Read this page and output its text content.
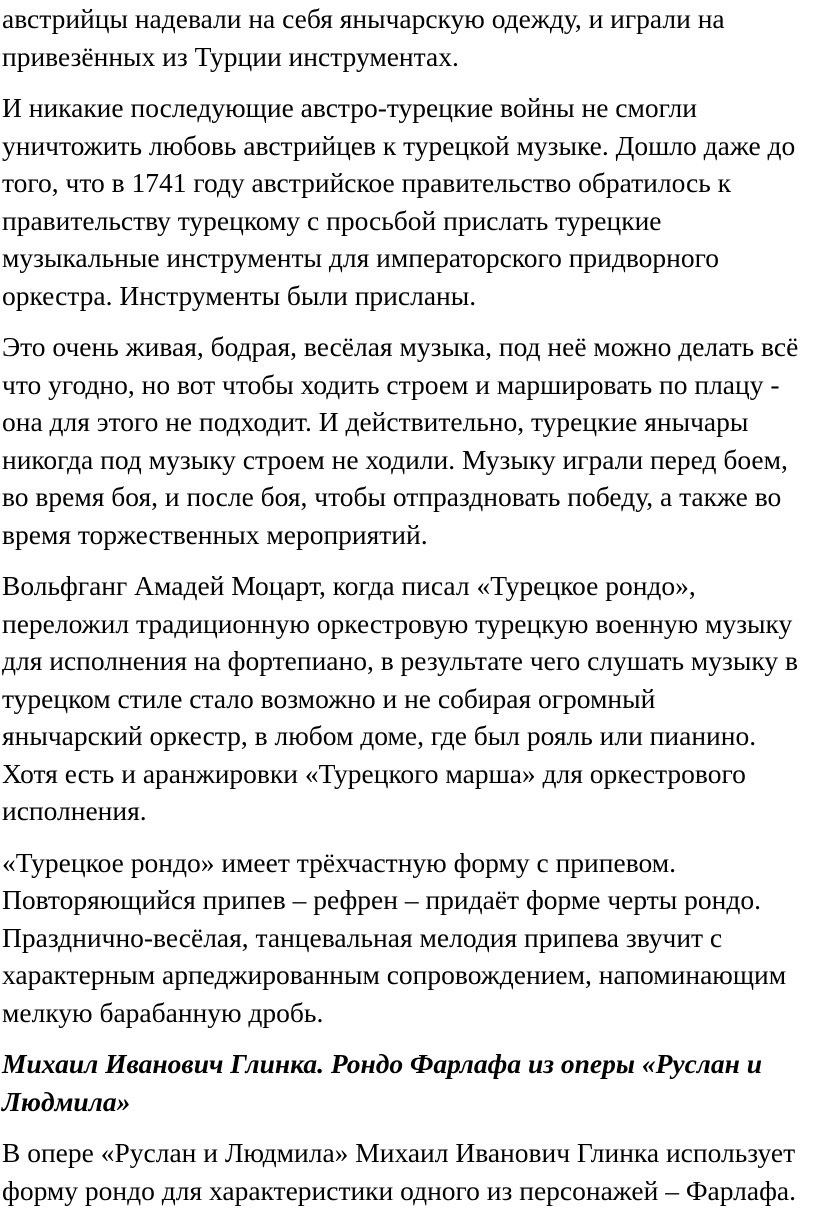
австрийцы надевали на себя янычарскую одежду, и играли на
привезённых из Турции инструментах.

И никакие последующие австро-турецкие войны не смогли
уничтожить любовь австрийцев к турецкой музыке. Дошло даже до
того, что в 1741 году австрийское правительство обратилось к
правительству турецкому с просьбой прислать турецкие
музыкальные инструменты для императорского придворного
оркестра. Инструменты были присланы.

Это очень живая, бодрая, весёлая музыка, под неё можно делать всё
что угодно, но вот чтобы ходить строем и маршировать по плацу -
она для этого не подходит. И действительно, турецкие янычары
никогда под музыку строем не ходили. Музыку играли перед боем,
во время боя, и после боя, чтобы отпраздновать победу, а также во
время торжественных мероприятий.

Вольфганг Амадей Моцарт, когда писал «Турецкое рондо»,
переложил традиционную оркестровую турецкую военную музыку
для исполнения на фортепиано, в результате чего слушать музыку в
турецком стиле стало возможно и не собирая огромный
янычарский оркестр, в любом доме, где был рояль или пианино.
Хотя есть и аранжировки «Турецкого марша» для оркестрового
исполнения.

«Турецкое рондо» имеет трёхчастную форму с припевом.
Повторяющийся припев – рефрен – придаёт форме черты рондо.
Празднично-весёлая, танцевальная мелодия припева звучит с
характерным арпеджированным сопровождением, напоминающим
мелкую барабанную дробь.

Михаил Иванович Глинка. Рондо Фарлафа из оперы «Руслан и
Людмила»

В опере «Руслан и Людмила» Михаил Иванович Глинка использует
форму рондо для характеристики одного из персонажей – Фарлафа.
